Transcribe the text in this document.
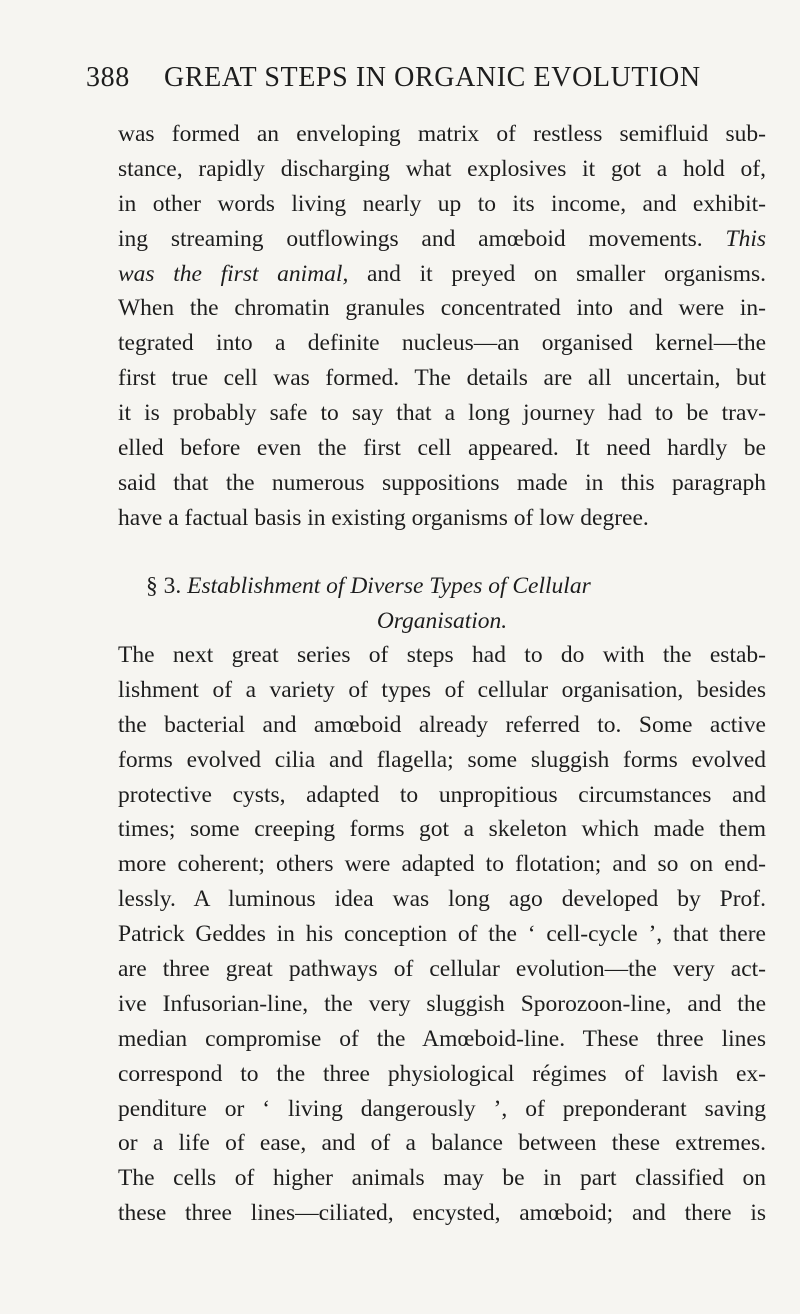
388 GREAT STEPS IN ORGANIC EVOLUTION
was formed an enveloping matrix of restless semifluid sub-
stance, rapidly discharging what explosives it got a hold of,
in other words living nearly up to its income, and exhibit-
ing streaming outflowings and amœboid movements. This
was the first animal, and it preyed on smaller organisms.
When the chromatin granules concentrated into and were in-
tegrated into a definite nucleus—an organised kernel—the
first true cell was formed. The details are all uncertain, but
it is probably safe to say that a long journey had to be trav-
elled before even the first cell appeared. It need hardly be
said that the numerous suppositions made in this paragraph
have a factual basis in existing organisms of low degree.
§ 3. Establishment of Diverse Types of Cellular
Organisation.
The next great series of steps had to do with the estab-
lishment of a variety of types of cellular organisation, besides
the bacterial and amœboid already referred to. Some active
forms evolved cilia and flagella; some sluggish forms evolved
protective cysts, adapted to unpropitious circumstances and
times; some creeping forms got a skeleton which made them
more coherent; others were adapted to flotation; and so on end-
lessly. A luminous idea was long ago developed by Prof.
Patrick Geddes in his conception of the ‘ cell-cycle ’, that there
are three great pathways of cellular evolution—the very act-
ive Infusorian-line, the very sluggish Sporozoon-line, and the
median compromise of the Amœboid-line. These three lines
correspond to the three physiological régimes of lavish ex-
penditure or ‘ living dangerously ’, of preponderant saving
or a life of ease, and of a balance between these extremes.
The cells of higher animals may be in part classified on
these three lines—ciliated, encysted, amœboid; and there is
